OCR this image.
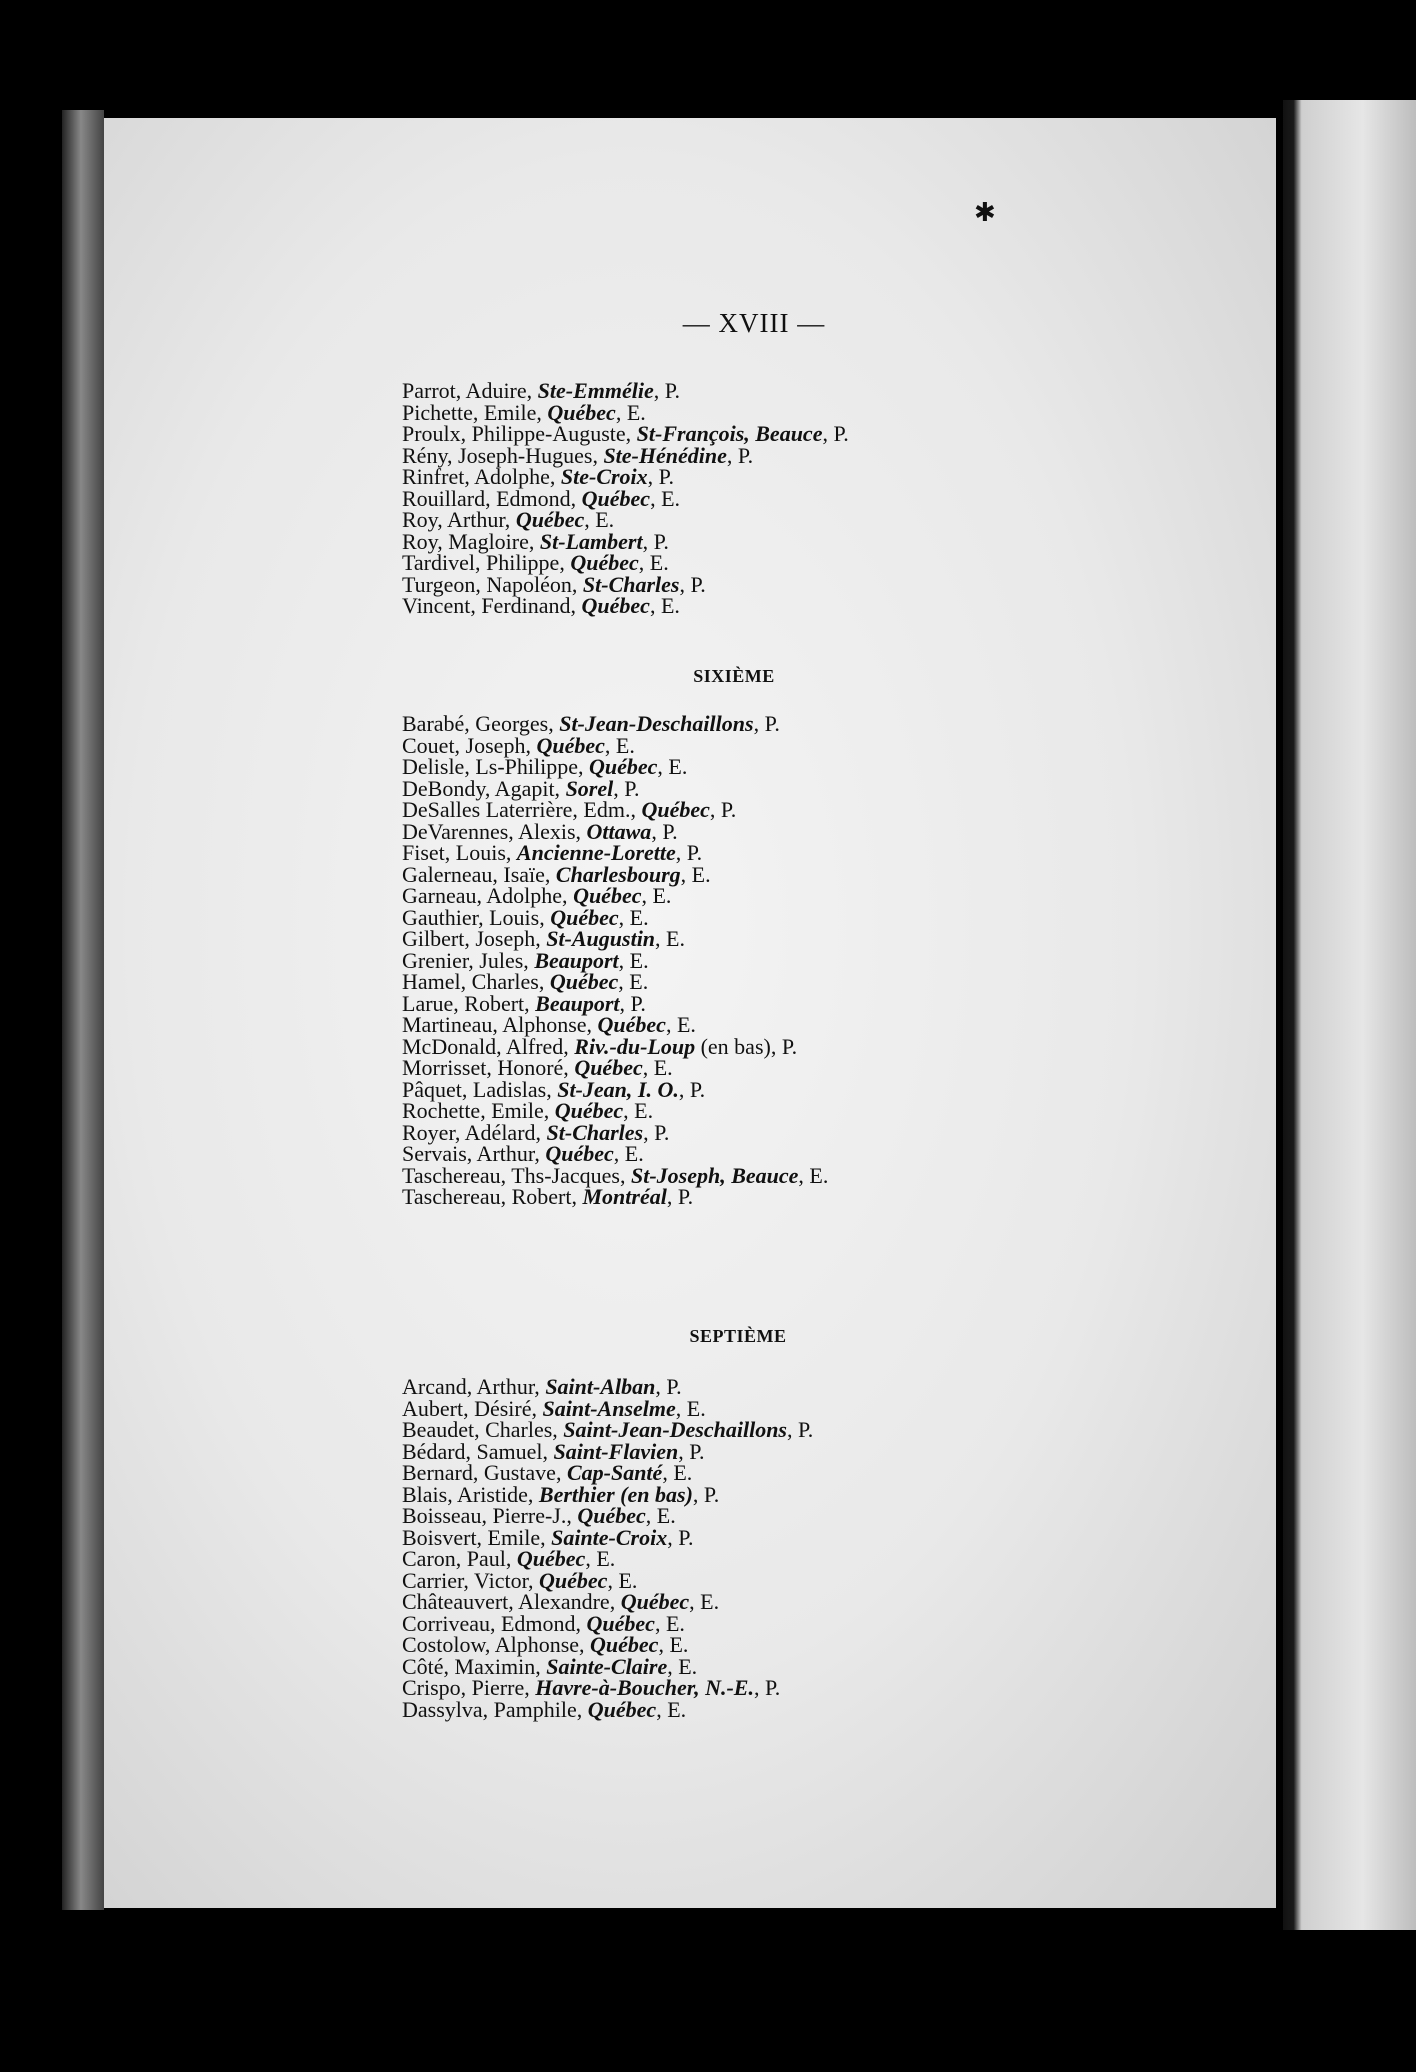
✱
— XVIII —
Parrot, Aduire, Ste-Emmélie, P.
Pichette, Emile, Québec, E.
Proulx, Philippe-Auguste, St-François, Beauce, P.
Rény, Joseph-Hugues, Ste-Hénédine, P.
Rinfret, Adolphe, Ste-Croix, P.
Rouillard, Edmond, Québec, E.
Roy, Arthur, Québec, E.
Roy, Magloire, St-Lambert, P.
Tardivel, Philippe, Québec, E.
Turgeon, Napoléon, St-Charles, P.
Vincent, Ferdinand, Québec, E.
SIXIÈME
Barabé, Georges, St-Jean-Deschaillons, P.
Couet, Joseph, Québec, E.
Delisle, Ls-Philippe, Québec, E.
DeBondy, Agapit, Sorel, P.
DeSalles Laterrière, Edm., Québec, P.
DeVarennes, Alexis, Ottawa, P.
Fiset, Louis, Ancienne-Lorette, P.
Galerneau, Isaïe, Charlesbourg, E.
Garneau, Adolphe, Québec, E.
Gauthier, Louis, Québec, E.
Gilbert, Joseph, St-Augustin, E.
Grenier, Jules, Beauport, E.
Hamel, Charles, Québec, E.
Larue, Robert, Beauport, P.
Martineau, Alphonse, Québec, E.
McDonald, Alfred, Riv.-du-Loup (en bas), P.
Morrisset, Honoré, Québec, E.
Pâquet, Ladislas, St-Jean, I. O., P.
Rochette, Emile, Québec, E.
Royer, Adélard, St-Charles, P.
Servais, Arthur, Québec, E.
Taschereau, Ths-Jacques, St-Joseph, Beauce, E.
Taschereau, Robert, Montréal, P.
SEPTIÈME
Arcand, Arthur, Saint-Alban, P.
Aubert, Désiré, Saint-Anselme, E.
Beaudet, Charles, Saint-Jean-Deschaillons, P.
Bédard, Samuel, Saint-Flavien, P.
Bernard, Gustave, Cap-Santé, E.
Blais, Aristide, Berthier (en bas), P.
Boisseau, Pierre-J., Québec, E.
Boisvert, Emile, Sainte-Croix, P.
Caron, Paul, Québec, E.
Carrier, Victor, Québec, E.
Châteauvert, Alexandre, Québec, E.
Corriveau, Edmond, Québec, E.
Costolow, Alphonse, Québec, E.
Côté, Maximin, Sainte-Claire, E.
Crispo, Pierre, Havre-à-Boucher, N.-E., P.
Dassylva, Pamphile, Québec, E.
